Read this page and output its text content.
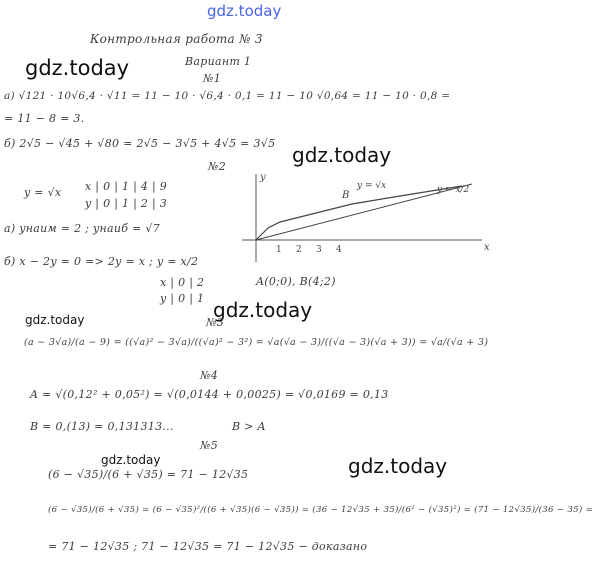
gdz.today
Контрольная работа № 3
Вариант 1
№1
gdz.today
а) √121 · 10√6,4 · √11 = 11 − 10 · √6,4 · 0,1 = 11 − 10 √0,64 = 11 − 10 · 0,8 =
= 11 − 8 = 3.
б) 2√5 − √45 + √80 = 2√5 − 3√5 + 4√5 = 3√5 gdz.today
№2
y = √x x | 0 | 1 | 4 | 9
y | 0 | 1 | 2 | 3
а) yнаим = 2 ; yнаиб = √7
б) x − 2y = 0 => 2y = x ; y = x/2
A(0;0), B(4;2)
x | 0 | 2
y | 0 | 1
y
x
B
y = √x	y = x/2
1 2 3 4
gdz.today
gdz.today	№3
(a − 3√a)/(a − 9) = ((√a)² − 3√a)/((√a)² − 3²) = √a(√a − 3)/((√a − 3)(√a + 3)) = √a/(√a + 3)
№4
A = √(0,12² + 0,05²) = √(0,0144 + 0,0025) = √0,0169 = 0,13
B = 0,(13) = 0,131313...	B > A
№5
gdz.today	gdz.today
(6 − √35)/(6 + √35) = 71 − 12√35
(6 − √35)/(6 + √35) = (6 − √35)²/((6 + √35)(6 − √35)) = (36 − 12√35 + 35)/(6² − (√35)²) = (71 − 12√35)/(36 − 35) =
= 71 − 12√35 ; 71 − 12√35 = 71 − 12√35 − доказано
